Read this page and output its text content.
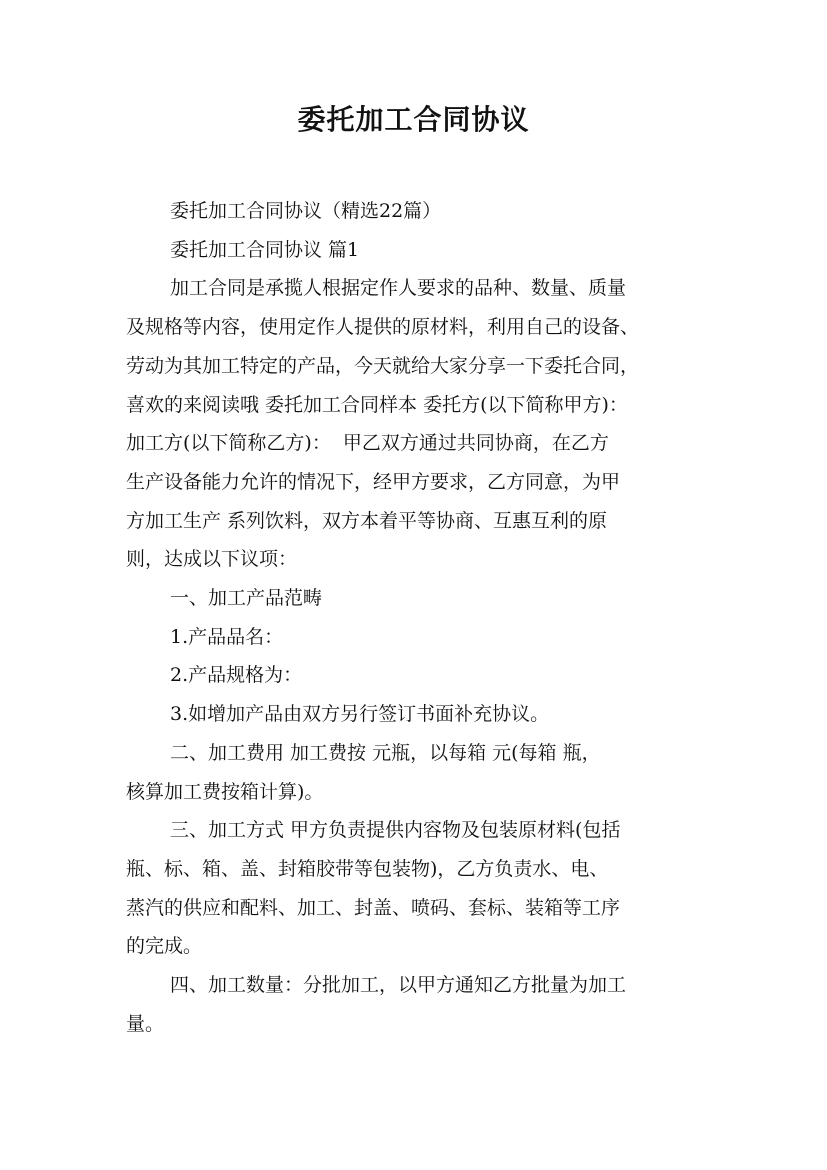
委托加工合同协议
委托加工合同协议（精选22篇）
委托加工合同协议 篇1
加工合同是承揽人根据定作人要求的品种、数量、质量
及规格等内容，使用定作人提供的原材料，利用自己的设备、
劳动为其加工特定的产品，今天就给大家分享一下委托合同，
喜欢的来阅读哦 委托加工合同样本 委托方(以下简称甲方)：
加工方(以下简称乙方)：  甲乙双方通过共同协商，在乙方
生产设备能力允许的情况下，经甲方要求，乙方同意，为甲
方加工生产 系列饮料，双方本着平等协商、互惠互利的原
则，达成以下议项：
一、加工产品范畴
1.产品品名：
2.产品规格为：
3.如增加产品由双方另行签订书面补充协议。
二、加工费用 加工费按 元瓶，以每箱 元(每箱 瓶，
核算加工费按箱计算)。
三、加工方式 甲方负责提供内容物及包装原材料(包括
瓶、标、箱、盖、封箱胶带等包装物)，乙方负责水、电、
蒸汽的供应和配料、加工、封盖、喷码、套标、装箱等工序
的完成。
四、加工数量：分批加工，以甲方通知乙方批量为加工
量。
